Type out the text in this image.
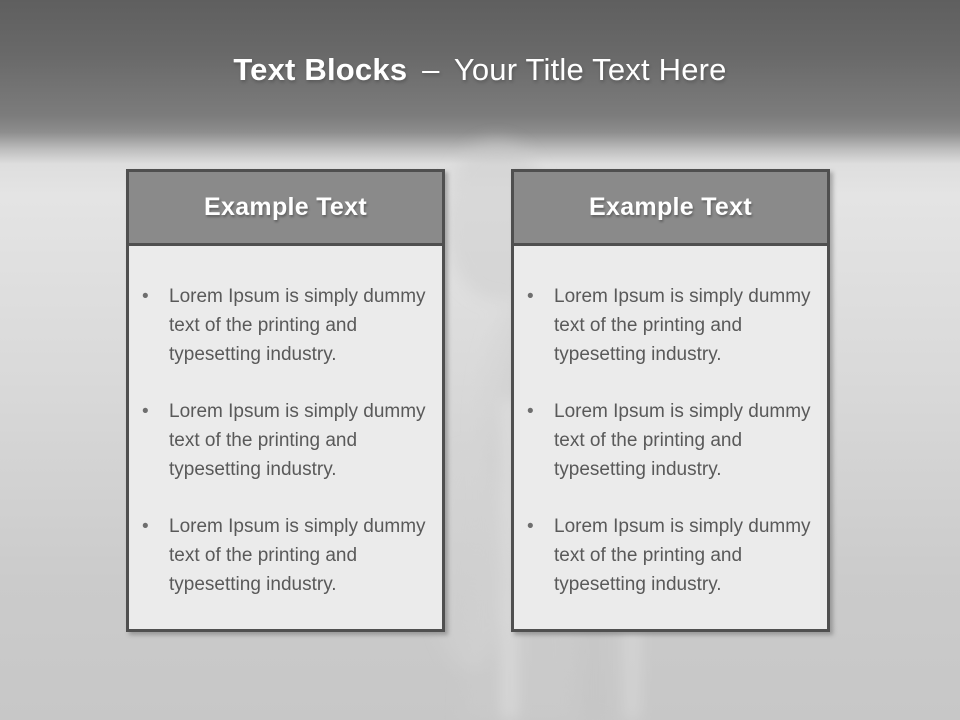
Text Blocks – Your Title Text Here
Example Text
•	Lorem Ipsum is simply dummy text of the printing and typesetting industry.
•	Lorem Ipsum is simply dummy text of the printing and typesetting industry.
•	Lorem Ipsum is simply dummy text of the printing and typesetting industry.
Example Text
•	Lorem Ipsum is simply dummy text of the printing and typesetting industry.
•	Lorem Ipsum is simply dummy text of the printing and typesetting industry.
•	Lorem Ipsum is simply dummy text of the printing and typesetting industry.
